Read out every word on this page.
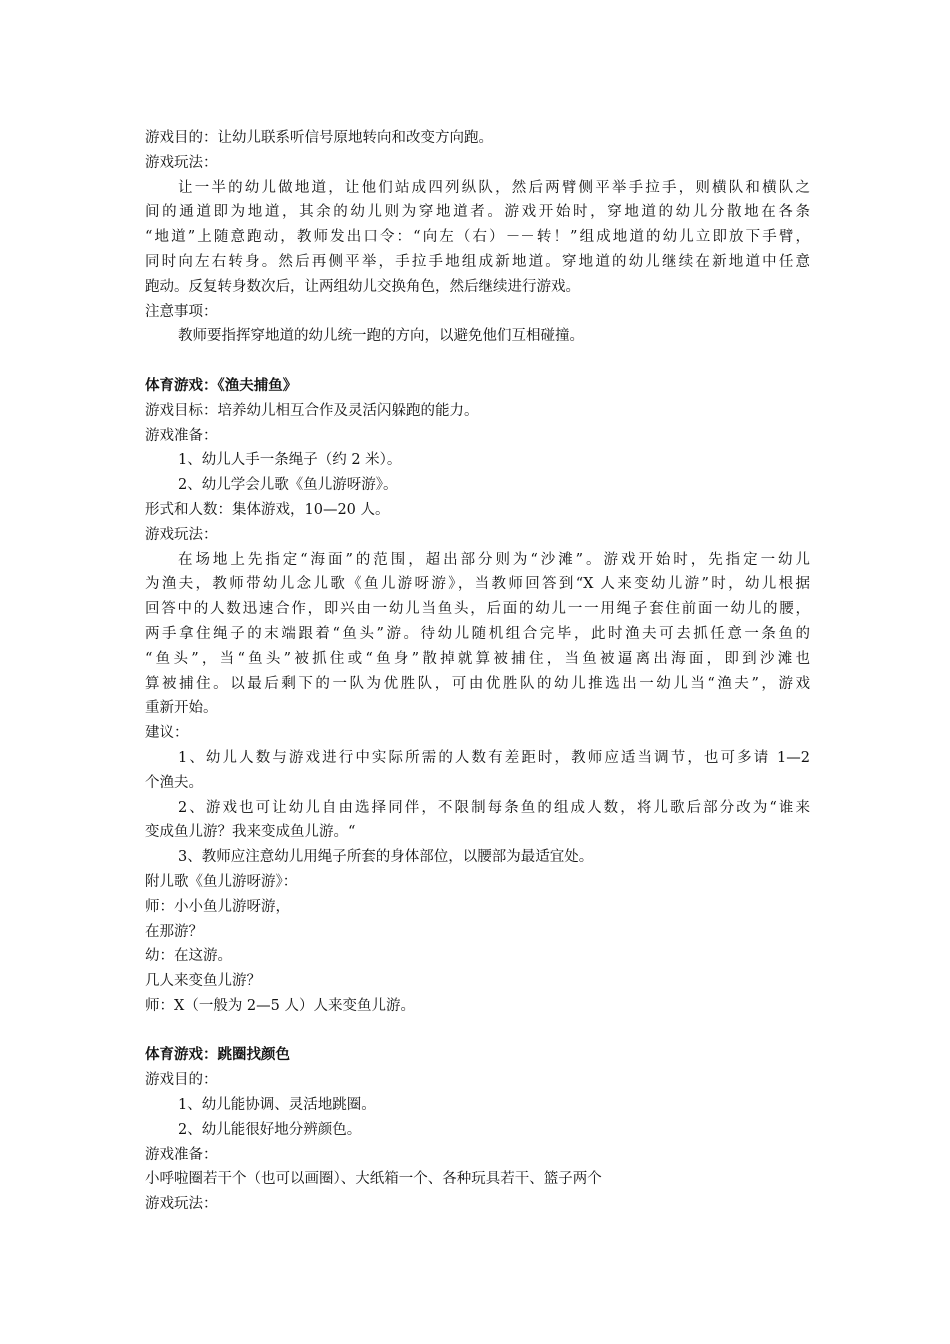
游戏目的：让幼儿联系听信号原地转向和改变方向跑。
游戏玩法：
让一半的幼儿做地道，让他们站成四列纵队，然后两臂侧平举手拉手，则横队和横队之
间的通道即为地道，其余的幼儿则为穿地道者。游戏开始时，穿地道的幼儿分散地在各条
“地道”上随意跑动，教师发出口令：“向左（右）－－转！”组成地道的幼儿立即放下手臂，
同时向左右转身。然后再侧平举，手拉手地组成新地道。穿地道的幼儿继续在新地道中任意
跑动。反复转身数次后，让两组幼儿交换角色，然后继续进行游戏。
注意事项：
教师要指挥穿地道的幼儿统一跑的方向，以避免他们互相碰撞。
体育游戏：《渔夫捕鱼》
游戏目标：培养幼儿相互合作及灵活闪躲跑的能力。
游戏准备：
1、幼儿人手一条绳子（约 2 米）。
2、幼儿学会儿歌《鱼儿游呀游》。
形式和人数：集体游戏，10—20 人。
游戏玩法：
在场地上先指定“海面”的范围，超出部分则为“沙滩”。游戏开始时，先指定一幼儿
为渔夫，教师带幼儿念儿歌《鱼儿游呀游》，当教师回答到“X 人来变幼儿游”时，幼儿根据
回答中的人数迅速合作，即兴由一幼儿当鱼头，后面的幼儿一一用绳子套住前面一幼儿的腰，
两手拿住绳子的末端跟着“鱼头”游。待幼儿随机组合完毕，此时渔夫可去抓任意一条鱼的
“鱼头”，当“鱼头”被抓住或“鱼身”散掉就算被捕住，当鱼被逼离出海面，即到沙滩也
算被捕住。以最后剩下的一队为优胜队，可由优胜队的幼儿推选出一幼儿当“渔夫”，游戏
重新开始。
建议：
1、幼儿人数与游戏进行中实际所需的人数有差距时，教师应适当调节，也可多请 1—2
个渔夫。
2、游戏也可让幼儿自由选择同伴，不限制每条鱼的组成人数，将儿歌后部分改为“谁来
变成鱼儿游？我来变成鱼儿游。“
3、教师应注意幼儿用绳子所套的身体部位，以腰部为最适宜处。
附儿歌《鱼儿游呀游》：
师：小小鱼儿游呀游，
在那游？
幼：在这游。
几人来变鱼儿游？
师：X（一般为 2—5 人）人来变鱼儿游。
体育游戏：跳圈找颜色
游戏目的：
1、幼儿能协调、灵活地跳圈。
2、幼儿能很好地分辨颜色。
游戏准备：
小呼啦圈若干个（也可以画圈）、大纸箱一个、各种玩具若干、篮子两个
游戏玩法：
